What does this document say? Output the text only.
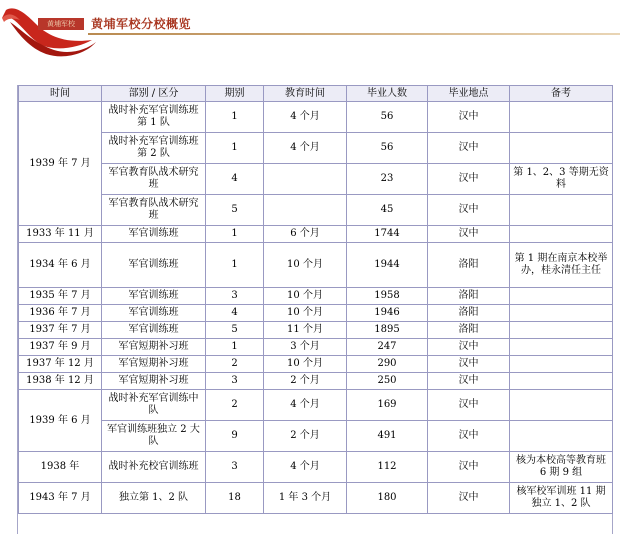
黄埔军校	黄埔军校分校概览
时间	部别 / 区分	期别	教育时间	毕业人数	毕业地点	备考
1939 年 7 月	战时补充军官训练班第 1 队	1	4 个月	56	汉中	
	战时补充军官训练班第 2 队	1	4 个月	56	汉中	
	军官教育队战术研究班	4		23	汉中	第 1、2、3 等期无资料
	军官教育队战术研究班	5		45	汉中	
1933 年 11 月	军官训练班	1	6 个月	1744	汉中	
1934 年 6 月	军官训练班	1	10 个月	1944	洛阳	第 1 期在南京本校举办，桂永清任主任
1935 年 7 月	军官训练班	3	10 个月	1958	洛阳	
1936 年 7 月	军官训练班	4	10 个月	1946	洛阳	
1937 年 7 月	军官训练班	5	11 个月	1895	洛阳	
1937 年 9 月	军官短期补习班	1	3 个月	247	汉中	
1937 年 12 月	军官短期补习班	2	10 个月	290	汉中	
1938 年 12 月	军官短期补习班	3	2 个月	250	汉中	
1939 年 6 月	战时补充军官训练中队	2	4 个月	169	汉中	
	军官训练班独立 2 大队	9	2 个月	491	汉中	
1938 年	战时补充校官训练班	3	4 个月	112	汉中	核为本校高等教育班 6 期 9 组
1943 年 7 月	独立第 1、2 队	18	1 年 3 个月	180	汉中	核军校军训班 11 期独立 1、2 队
